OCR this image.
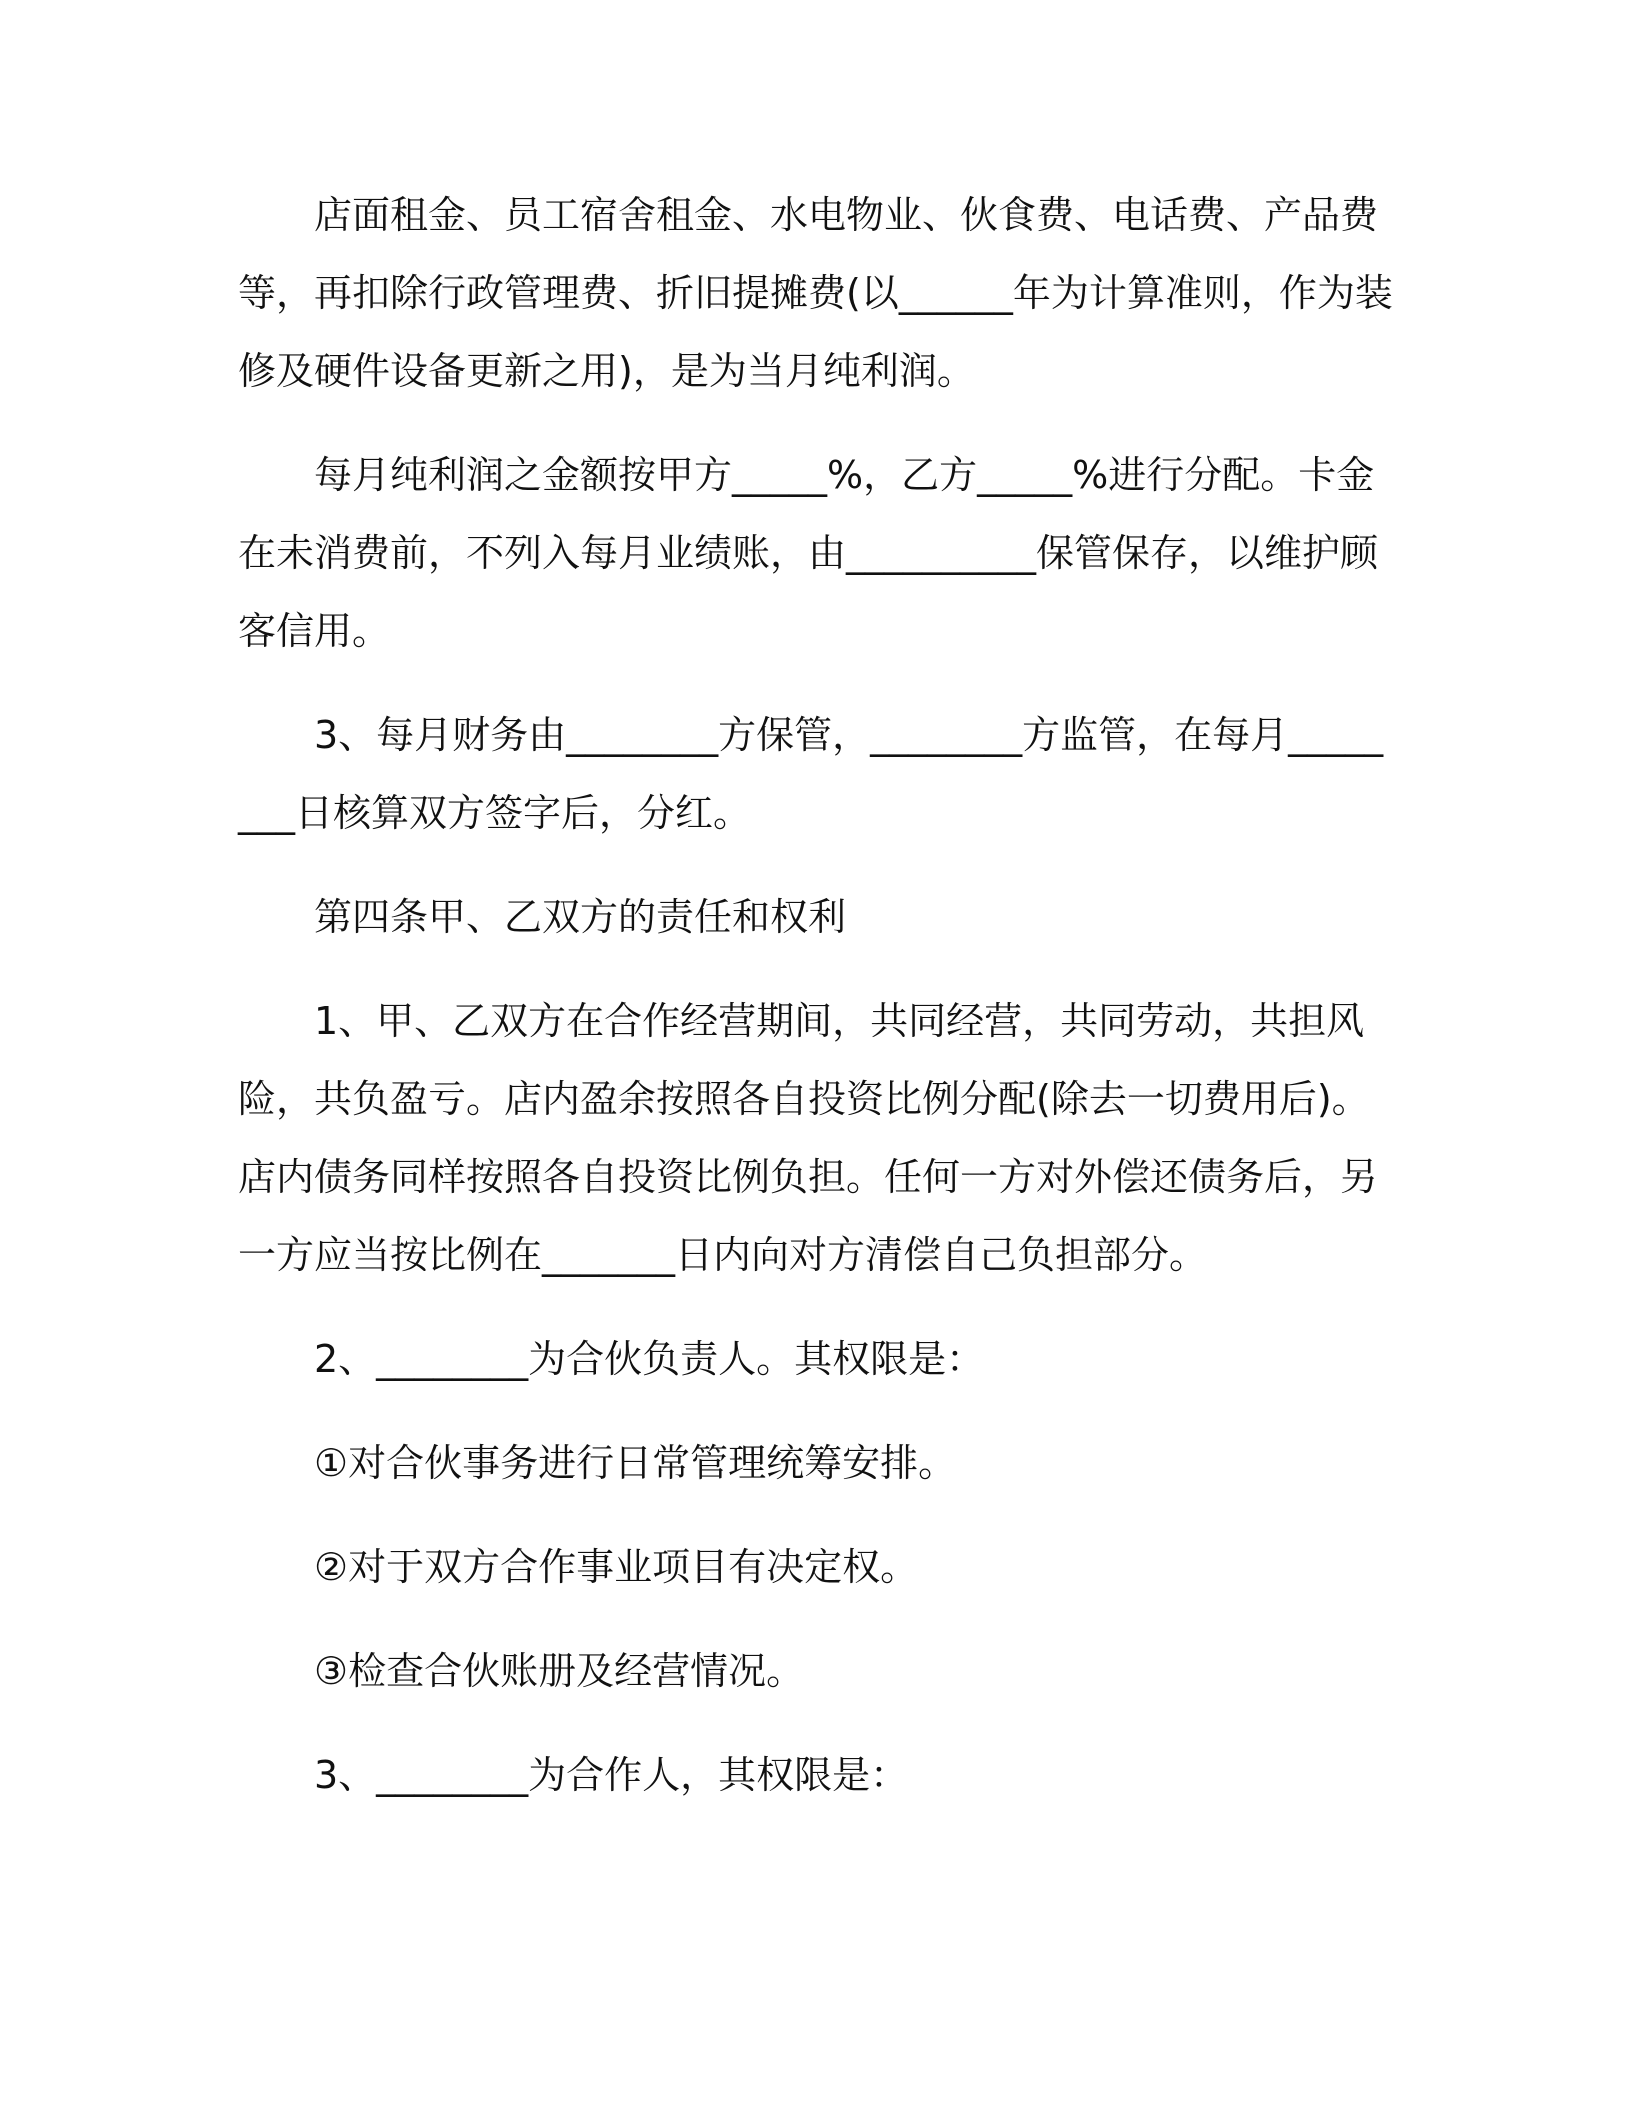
店面租金、员工宿舍租金、水电物业、伙食费、电话费、产品费等，再扣除行政管理费、折旧提摊费(以______年为计算准则，作为装修及硬件设备更新之用)，是为当月纯利润。

每月纯利润之金额按甲方_____%，乙方_____%进行分配。卡金在未消费前，不列入每月业绩账，由__________保管保存，以维护顾客信用。

3、每月财务由________方保管，________方监管，在每月________日核算双方签字后，分红。

第四条甲、乙双方的责任和权利

1、甲、乙双方在合作经营期间，共同经营，共同劳动，共担风险，共负盈亏。店内盈余按照各自投资比例分配(除去一切费用后)。店内债务同样按照各自投资比例负担。任何一方对外偿还债务后，另一方应当按比例在_______日内向对方清偿自己负担部分。

2、________为合伙负责人。其权限是：

①对合伙事务进行日常管理统筹安排。

②对于双方合作事业项目有决定权。

③检查合伙账册及经营情况。

3、________为合作人，其权限是：
